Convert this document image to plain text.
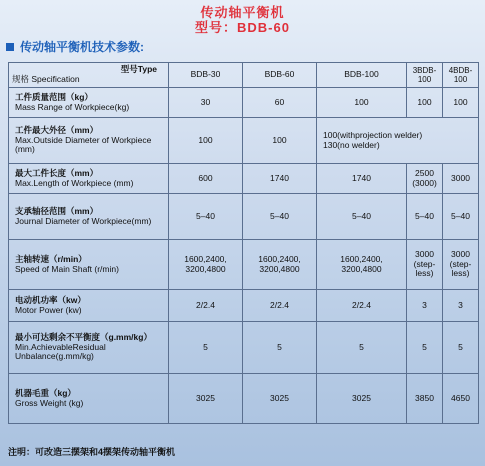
传动轴平衡机
型号：BDB-60
传动轴平衡机技术参数:
型号Type
规格 Specification	BDB-30	BDB-60	BDB-100	3BDB-100	4BDB-100

工件质量范围（kg）
Mass Range of Workpiece(kg)	30	60	100	100	100

工件最大外径（mm）
Max.Outside Diameter of Workpiece (mm)	100	100	100(withprojection welder)
130(no welder)		

最大工件长度（mm）
Max.Length of Workpiece (mm)	600	1740	1740	2500
(3000)	3000

支承轴径范围（mm）
Journal Diameter of Workpiece(mm)	5–40	5–40	5–40	5–40	5–40

主轴转速（r/min）
Speed of Main Shaft (r/min)	1600,2400,
3200,4800	1600,2400,
3200,4800	1600,2400,
3200,4800	3000
(step-
less)	3000
(step-
less)

电动机功率（kw）
Motor Power (kw)	2/2.4	2/2.4	2/2.4	3	3

最小可达剩余不平衡度（g.mm/kg）
Min.AchievableResidual Unbalance(g.mm/kg)	5	5	5	5	5

机器毛重（kg）
Gross Weight (kg)	3025	3025	3025	3850	4650
注明：可改造三摆架和4摆架传动轴平衡机
